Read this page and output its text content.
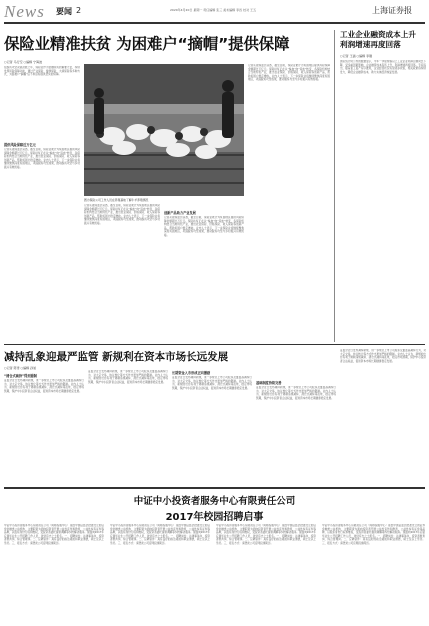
News 要闻 2	2020年4月20日 星期一 责任编辑 张三 美术编辑 李四 校对 王五	上海证券报
保险业精准扶贫 为困难户“摘帽”提供保障
○记者 马行空 ○编辑 宁海波
在脱贫攻坚决战决胜之年，保险业作为金融扶贫的重要力量，持续发挥风险保障功能，通过产业保险、健康保险、大病保险等多种方式，为困难户“摘帽”后不再返贫提供坚实的保障。
提供风险保障近万亿元
记者从银保监会获悉，截至目前，保险业累计为贫困地区提供风险保障金额超过万亿元。保险扶贫正在从“输血”向“造血”转变，各保险机构结合当地特色产业，推出农业保险、价格保险、收入保险等创新产品，帮助贫困户稳定增收。业内人士表示，下一步保险业将继续聚焦深度贫困地区，巩固脱贫攻坚成果，推动脱贫攻坚与乡村振兴有效衔接。
图为保险公司工作人员在养殖基地了解牛羊养殖情况
记者从银保监会获悉，截至目前，保险业累计为贫困地区提供风险保障金额超过万亿元。保险扶贫正在从“输血”向“造血”转变，各保险机构结合当地特色产业，推出农业保险、价格保险、收入保险等创新产品，帮助贫困户稳定增收。业内人士表示，下一步保险业将继续聚焦深度贫困地区，巩固脱贫攻坚成果，推动脱贫攻坚与乡村振兴有效衔接。
创新产品助力产业发展
记者从银保监会获悉，截至目前，保险业累计为贫困地区提供风险保障金额超过万亿元。保险扶贫正在从“输血”向“造血”转变，各保险机构结合当地特色产业，推出农业保险、价格保险、收入保险等创新产品，帮助贫困户稳定增收。业内人士表示，下一步保险业将继续聚焦深度贫困地区，巩固脱贫攻坚成果，推动脱贫攻坚与乡村振兴有效衔接。
记者从银保监会获悉，截至目前，保险业累计为贫困地区提供风险保障金额超过万亿元。保险扶贫正在从“输血”向“造血”转变，各保险机构结合当地特色产业，推出农业保险、价格保险、收入保险等创新产品，帮助贫困户稳定增收。业内人士表示，下一步保险业将继续聚焦深度贫困地区，巩固脱贫攻坚成果，推动脱贫攻坚与乡村振兴有效衔接。
工业企业融资成本上升 利润增速再度回落
○记者 王涵 ○编辑 李刚
国家统计局公布的数据显示，今年一季度规模以上工业企业利润总额同比下降，受多重因素影响，企业融资成本有所上升，利润增速再度回落。专家指出，随着复工复产有序推进，企业经营状况有望逐步改善，相关政策将持续发力，降低企业融资成本，助力实体经济恢复发展。
减持乱象迎最严监管 新规利在资本市场长远发展
○记者 陈雪 ○编辑 孙旭
“清仓式减持”得到遏制
证监会近日发布减持新规，进一步规范上市公司股东及董监高减持行为，对大宗交易、协议转让等方式作出更加严格的限制。业内人士认为，新规的出台有利于遏制违规减持、清仓式减持等乱象，稳定市场预期，保护中小投资者合法权益，促进资本市场长期健康稳定发展。
证监会近日发布减持新规，进一步规范上市公司股东及董监高减持行为，对大宗交易、协议转让等方式作出更加严格的限制。业内人士认为，新规的出台有利于遏制违规减持、清仓式减持等乱象，稳定市场预期，保护中小投资者合法权益，促进资本市场长期健康稳定发展。
长期资金入市形成正向激励
证监会近日发布减持新规，进一步规范上市公司股东及董监高减持行为，对大宗交易、协议转让等方式作出更加严格的限制。业内人士认为，新规的出台有利于遏制违规减持、清仓式减持等乱象，稳定市场预期，保护中小投资者合法权益，促进资本市场长期健康稳定发展。
基础制度持续完善
证监会近日发布减持新规，进一步规范上市公司股东及董监高减持行为，对大宗交易、协议转让等方式作出更加严格的限制。业内人士认为，新规的出台有利于遏制违规减持、清仓式减持等乱象，稳定市场预期，保护中小投资者合法权益，促进资本市场长期健康稳定发展。
证监会近日发布减持新规，进一步规范上市公司股东及董监高减持行为，对大宗交易、协议转让等方式作出更加严格的限制。业内人士认为，新规的出台有利于遏制违规减持、清仓式减持等乱象，稳定市场预期，保护中小投资者合法权益，促进资本市场长期健康稳定发展。
中证中小投资者服务中心有限责任公司
2017年校园招聘启事
中证中小投资者服务中心有限责任公司（简称投服中心）是经中国证监会批准设立的证券金融类公益机构，主要职责为面向投资者开展公益性宣传和教育，公益性持有证券等品种，以股东身份行权和维权，受投资者委托提供调解等纠纷解决服务。现面向2017年应届毕业生公开招聘工作人员，欢迎有志之士报名。一、招聘岗位：法律事务岗、投资者教育岗、综合管理岗。二、应聘条件：具有良好的政治素质和职业道德，硕士及以上学历。三、报名方式：请登录公司官网投递简历。
中证中小投资者服务中心有限责任公司（简称投服中心）是经中国证监会批准设立的证券金融类公益机构，主要职责为面向投资者开展公益性宣传和教育，公益性持有证券等品种，以股东身份行权和维权，受投资者委托提供调解等纠纷解决服务。现面向2017年应届毕业生公开招聘工作人员，欢迎有志之士报名。一、招聘岗位：法律事务岗、投资者教育岗、综合管理岗。二、应聘条件：具有良好的政治素质和职业道德，硕士及以上学历。三、报名方式：请登录公司官网投递简历。
中证中小投资者服务中心有限责任公司（简称投服中心）是经中国证监会批准设立的证券金融类公益机构，主要职责为面向投资者开展公益性宣传和教育，公益性持有证券等品种，以股东身份行权和维权，受投资者委托提供调解等纠纷解决服务。现面向2017年应届毕业生公开招聘工作人员，欢迎有志之士报名。一、招聘岗位：法律事务岗、投资者教育岗、综合管理岗。二、应聘条件：具有良好的政治素质和职业道德，硕士及以上学历。三、报名方式：请登录公司官网投递简历。
中证中小投资者服务中心有限责任公司（简称投服中心）是经中国证监会批准设立的证券金融类公益机构，主要职责为面向投资者开展公益性宣传和教育，公益性持有证券等品种，以股东身份行权和维权，受投资者委托提供调解等纠纷解决服务。现面向2017年应届毕业生公开招聘工作人员，欢迎有志之士报名。一、招聘岗位：法律事务岗、投资者教育岗、综合管理岗。二、应聘条件：具有良好的政治素质和职业道德，硕士及以上学历。三、报名方式：请登录公司官网投递简历。
